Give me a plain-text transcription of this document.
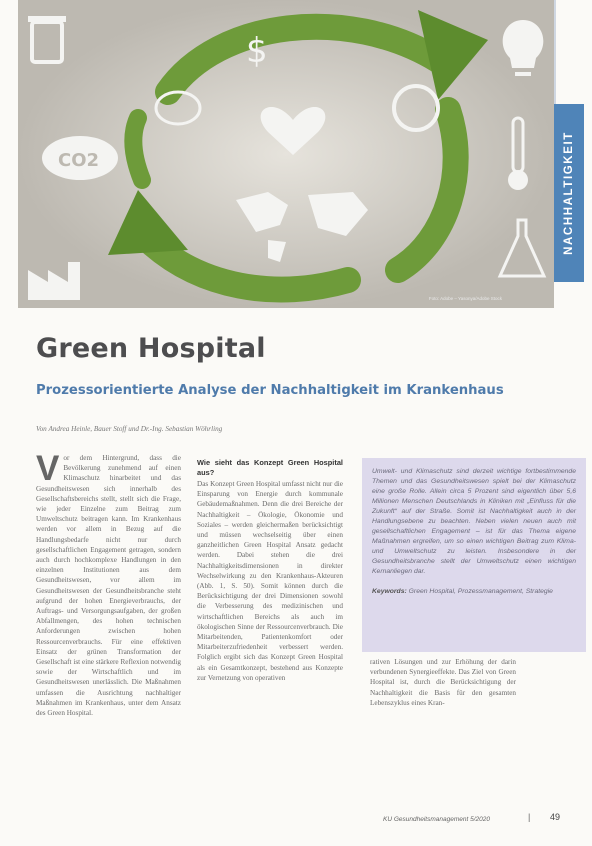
$
CO2
Foto: Adobe – Yasonya/Adobe Stock
NACHHALTIGKEIT
Green Hospital
Prozessorientierte Analyse der Nachhaltigkeit im Krankenhaus
Von Andrea Heinle, Bauer Stoff und Dr.-Ing. Sebastian Wöhrling
V or dem Hintergrund, dass die Bevölkerung zunehmend auf einen Klimaschutz hinarbeitet und das Gesundheitswesen sich innerhalb des Gesellschaftsbereichs stellt, stellt sich die Frage, wie jeder Einzelne zum Beitrag zum Umweltschutz beitragen kann. Im Krankenhaus werden vor allem in Bezug auf die Handlungsbedarfe nicht nur durch gesellschaftlichen Engagement getragen, sondern auch durch hochkomplexe Handlungen in den einzelnen Institutionen aus dem Gesundheitswesen, vor allem im Gesundheitswesen der Gesundheitsbranche steht aufgrund der hohen Energieverbrauchs, der Auftrags- und Versorgungsaufgaben, der großen Abfallmengen, des hohen technischen Anforderungen zwischen hohen Ressourcenverbrauchs. Für eine effektiven Einsatz der grünen Transformation der Gesellschaft ist eine stärkere Reflexion notwendig sowie der Wirtschaftlich und im Gesundheitswesen unerlässlich. Die Maßnahmen umfassen die Ausrichtung nachhaltiger Maßnahmen im Krankenhaus, unter dem Ansatz des Green Hospital.

Wie sieht das Konzept Green Hospital aus?

Das Konzept Green Hospital umfasst nicht nur die Einsparung von Energie durch kommunale Gebäudemaßnahmen. Denn die drei Bereiche der Nachhaltigkeit – Ökologie, Ökonomie und Soziales – werden gleichermaßen berücksichtigt und müssen wechselseitig über einen ganzheitlichen Green Hospital Ansatz gedacht werden. Dabei stehen die drei Nachhaltigkeitsdimensionen in direkter Wechselwirkung zu den Krankenhaus-Akteuren (Abb. 1, S. 50). Somit können durch die Berücksichtigung der drei Dimensionen sowohl die Verbesserung des medizinischen und wirtschaftlichen Bereichs als auch im ökologischen Sinne der Ressourcenverbrauch. Die Mitarbeitenden, Patientenkomfort oder Mitarbeiterzufriedenheit verbessert werden. Folglich ergibt sich das Konzept Green Hospital als ein Gesamtkonzept, bestehend aus Konzepte zur Vernetzung von operativen

Umwelt- und Klimaschutz sind derzeit wichtige fortbestimmende Themen und das Gesundheitswesen spielt bei der Klimaschutz eine große Rolle. Allein circa 5 Prozent sind eigentlich über 5,6 Millionen Menschen Deutschlands in Kliniken mit „Einfluss für die Zukunft“ auf der Straße. Somit ist Nachhaltigkeit auch in der Handlungsebene zu beachten. Neben vielen neuen auch mit gesellschaftlichen Engagement – ist für das Thema eigene Maßnahmen ergreifen, um so einen wichtigen Beitrag zum Klima- und Umweltschutz zu leisten. Insbesondere in der Gesundheitsbranche stellt der Umweltschutz einen wichtigen Kernanliegen dar.

Keywords: Green Hospital, Prozessmanagement, Strategie

rativen Lösungen und zur Erhöhung der darin verbundenen Synergieeffekte. Das Ziel von Green Hospital ist, durch die Berücksichtigung der Nachhaltigkeit die Basis für den gesamten Lebenszyklus eines Kran-

KU Gesundheitsmanagement 5/2020	| 49
